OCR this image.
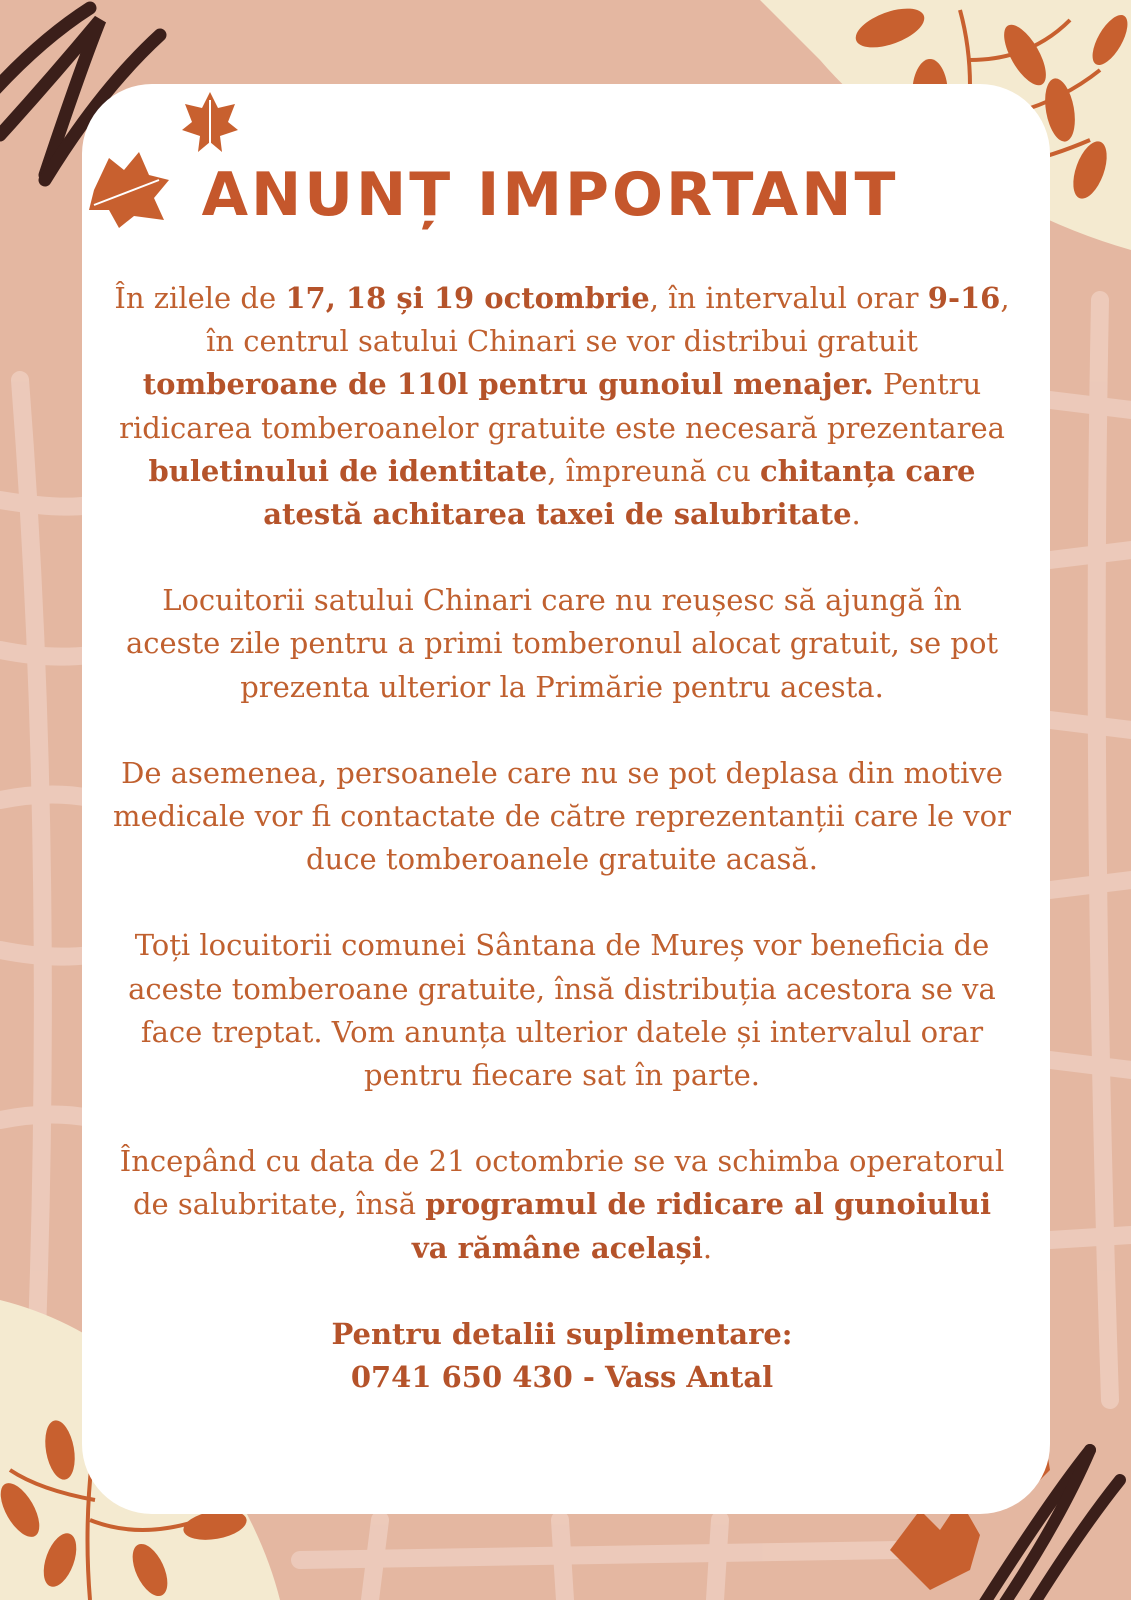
ANUNȚ IMPORTANT

În zilele de 17, 18 și 19 octombrie, în intervalul orar 9-16, în centrul satului Chinari se vor distribui gratuit tomberoane de 110l pentru gunoiul menajer. Pentru ridicarea tomberoanelor gratuite este necesară prezentarea buletinului de identitate, împreună cu chitanța care atestă achitarea taxei de salubritate.

Locuitorii satului Chinari care nu reușesc să ajungă în aceste zile pentru a primi tomberonul alocat gratuit, se pot prezenta ulterior la Primărie pentru acesta.

De asemenea, persoanele care nu se pot deplasa din motive medicale vor fi contactate de către reprezentanții care le vor duce tomberoanele gratuite acasă.

Toți locuitorii comunei Sântana de Mureș vor beneficia de aceste tomberoane gratuite, însă distribuția acestora se va face treptat. Vom anunța ulterior datele și intervalul orar pentru fiecare sat în parte.

Începând cu data de 21 octombrie se va schimba operatorul de salubritate, însă programul de ridicare al gunoiului va rămâne același.

Pentru detalii suplimentare:
0741 650 430 - Vass Antal
